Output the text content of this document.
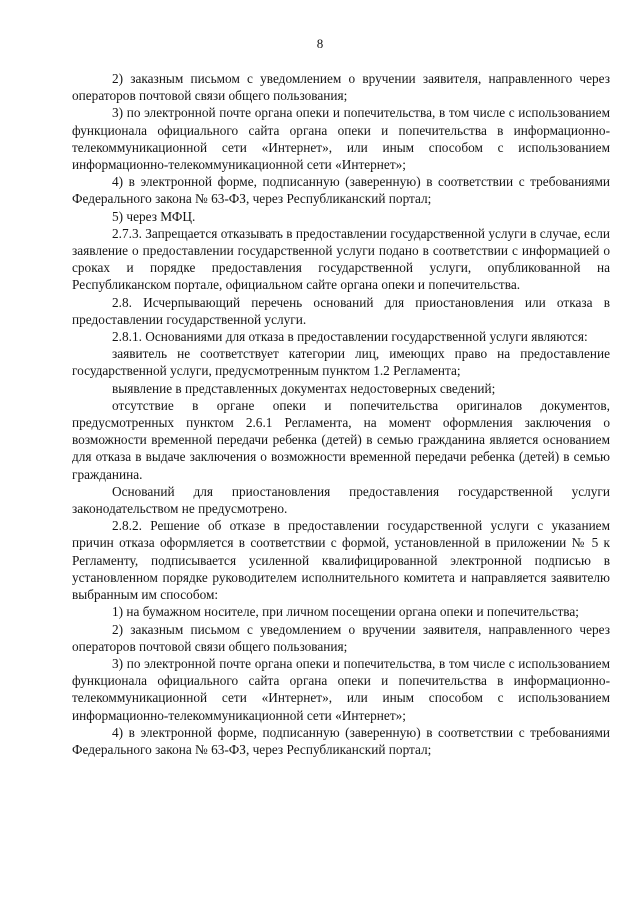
8

2) заказным письмом с уведомлением о вручении заявителя, направленного через операторов почтовой связи общего пользования;

3) по электронной почте органа опеки и попечительства, в том числе с использованием функционала официального сайта органа опеки и попечительства в информационно-телекоммуникационной сети «Интернет», или иным способом с использованием информационно-телекоммуникационной сети «Интернет»;

4) в электронной форме, подписанную (заверенную) в соответствии с требованиями Федерального закона № 63-ФЗ, через Республиканский портал;

5) через МФЦ.

2.7.3. Запрещается отказывать в предоставлении государственной услуги в случае, если заявление о предоставлении государственной услуги подано в соответствии с информацией о сроках и порядке предоставления государственной услуги, опубликованной на Республиканском портале, официальном сайте органа опеки и попечительства.

2.8. Исчерпывающий перечень оснований для приостановления или отказа в предоставлении государственной услуги.

2.8.1. Основаниями для отказа в предоставлении государственной услуги являются:

заявитель не соответствует категории лиц, имеющих право на предоставление государственной услуги, предусмотренным пунктом 1.2 Регламента;

выявление в представленных документах недостоверных сведений;

отсутствие в органе опеки и попечительства оригиналов документов, предусмотренных пунктом 2.6.1 Регламента, на момент оформления заключения о возможности временной передачи ребенка (детей) в семью гражданина является основанием для отказа в выдаче заключения о возможности временной передачи ребенка (детей) в семью гражданина.

Оснований для приостановления предоставления государственной услуги законодательством не предусмотрено.

2.8.2. Решение об отказе в предоставлении государственной услуги с указанием причин отказа оформляется в соответствии с формой, установленной в приложении № 5 к Регламенту, подписывается усиленной квалифицированной электронной подписью в установленном порядке руководителем исполнительного комитета и направляется заявителю выбранным им способом:

1) на бумажном носителе, при личном посещении органа опеки и попечительства;

2) заказным письмом с уведомлением о вручении заявителя, направленного через операторов почтовой связи общего пользования;

3) по электронной почте органа опеки и попечительства, в том числе с использованием функционала официального сайта органа опеки и попечительства в информационно-телекоммуникационной сети «Интернет», или иным способом с использованием информационно-телекоммуникационной сети «Интернет»;

4) в электронной форме, подписанную (заверенную) в соответствии с требованиями Федерального закона № 63-ФЗ, через Республиканский портал;
